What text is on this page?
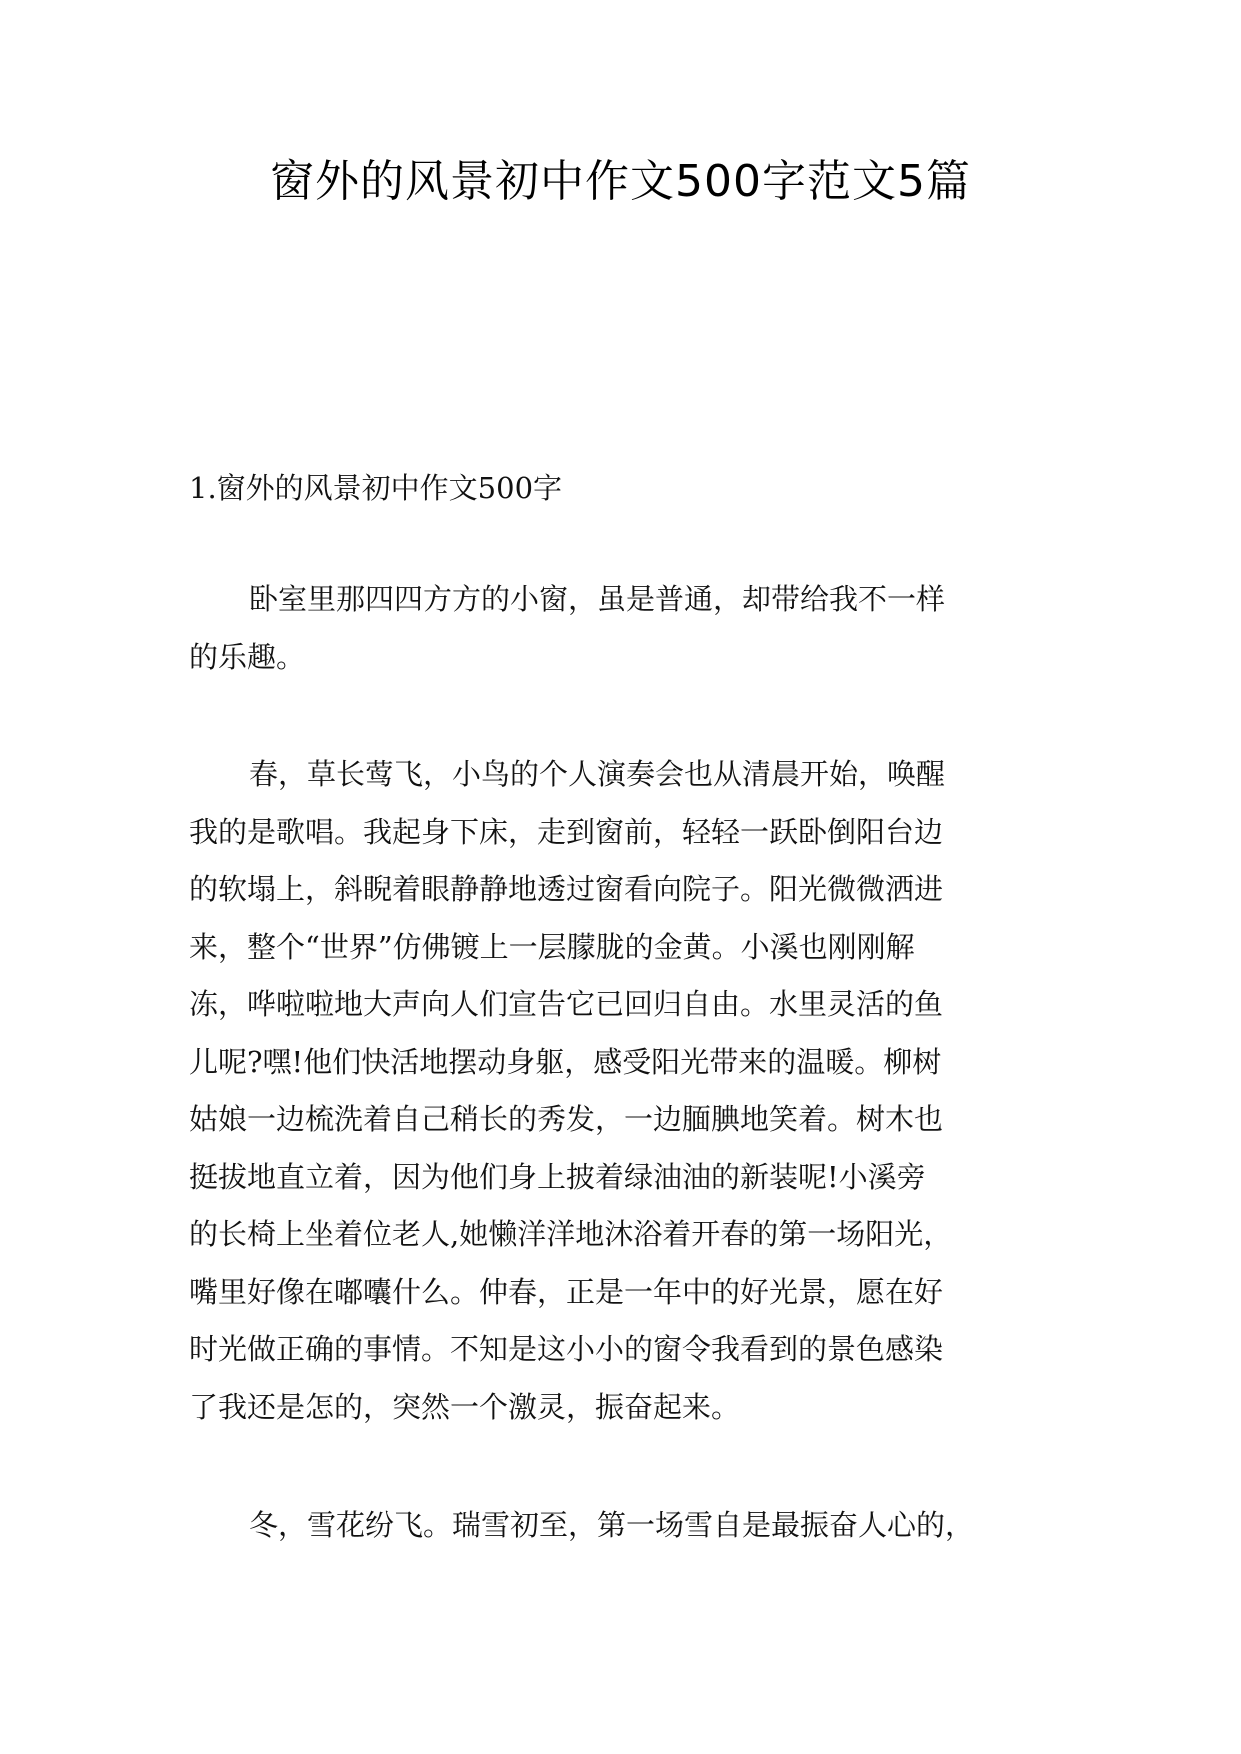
窗外的风景初中作文500字范文5篇
1.窗外的风景初中作文500字

卧室里那四四方方的小窗，虽是普通，却带给我不一样
的乐趣。

春，草长莺飞，小鸟的个人演奏会也从清晨开始，唤醒
我的是歌唱。我起身下床，走到窗前，轻轻一跃卧倒阳台边
的软塌上，斜睨着眼静静地透过窗看向院子。阳光微微洒进
来，整个“世界”仿佛镀上一层朦胧的金黄。小溪也刚刚解
冻，哗啦啦地大声向人们宣告它已回归自由。水里灵活的鱼
儿呢?嘿!他们快活地摆动身躯，感受阳光带来的温暖。柳树
姑娘一边梳洗着自己稍长的秀发，一边腼腆地笑着。树木也
挺拔地直立着，因为他们身上披着绿油油的新装呢!小溪旁
的长椅上坐着位老人,她懒洋洋地沐浴着开春的第一场阳光，
嘴里好像在嘟囔什么。仲春，正是一年中的好光景，愿在好
时光做正确的事情。不知是这小小的窗令我看到的景色感染
了我还是怎的，突然一个激灵，振奋起来。

冬，雪花纷飞。瑞雪初至，第一场雪自是最振奋人心的，
